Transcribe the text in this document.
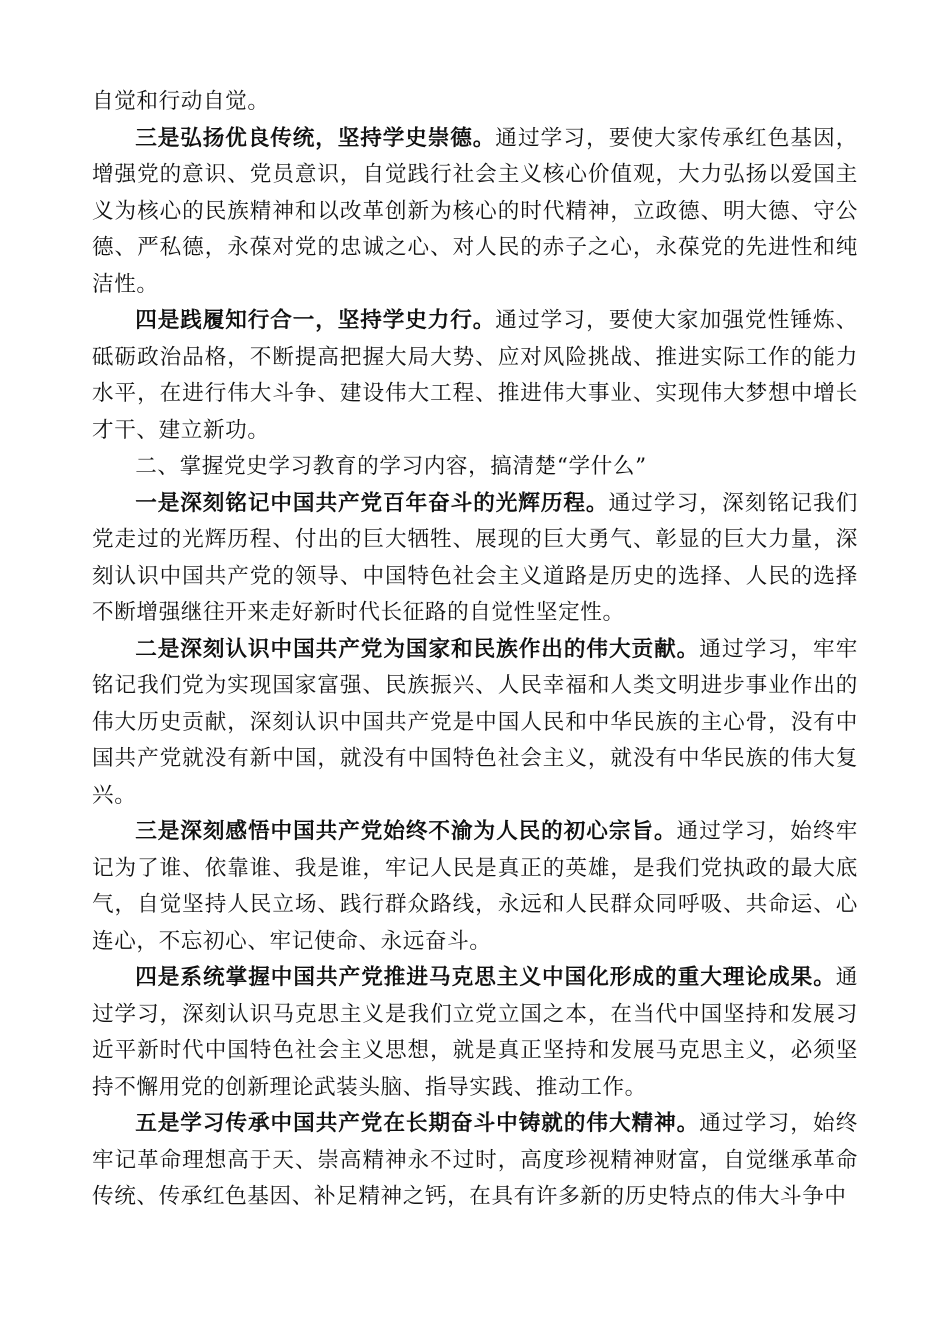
自觉和行动自觉。

三是弘扬优良传统，坚持学史崇德。通过学习，要使大家传承红色基因，增强党的意识、党员意识，自觉践行社会主义核心价值观，大力弘扬以爱国主义为核心的民族精神和以改革创新为核心的时代精神，立政德、明大德、守公德、严私德，永葆对党的忠诚之心、对人民的赤子之心，永葆党的先进性和纯洁性。

四是践履知行合一，坚持学史力行。通过学习，要使大家加强党性锤炼、砥砺政治品格，不断提高把握大局大势、应对风险挑战、推进实际工作的能力水平，在进行伟大斗争、建设伟大工程、推进伟大事业、实现伟大梦想中增长才干、建立新功。

二、掌握党史学习教育的学习内容，搞清楚“学什么”

一是深刻铭记中国共产党百年奋斗的光辉历程。通过学习，深刻铭记我们党走过的光辉历程、付出的巨大牺牲、展现的巨大勇气、彰显的巨大力量，深刻认识中国共产党的领导、中国特色社会主义道路是历史的选择、人民的选择不断增强继往开来走好新时代长征路的自觉性坚定性。

二是深刻认识中国共产党为国家和民族作出的伟大贡献。通过学习，牢牢铭记我们党为实现国家富强、民族振兴、人民幸福和人类文明进步事业作出的伟大历史贡献，深刻认识中国共产党是中国人民和中华民族的主心骨，没有中国共产党就没有新中国，就没有中国特色社会主义，就没有中华民族的伟大复兴。

三是深刻感悟中国共产党始终不渝为人民的初心宗旨。通过学习，始终牢记为了谁、依靠谁、我是谁，牢记人民是真正的英雄，是我们党执政的最大底气，自觉坚持人民立场、践行群众路线，永远和人民群众同呼吸、共命运、心连心，不忘初心、牢记使命、永远奋斗。

四是系统掌握中国共产党推进马克思主义中国化形成的重大理论成果。通过学习，深刻认识马克思主义是我们立党立国之本，在当代中国坚持和发展习近平新时代中国特色社会主义思想，就是真正坚持和发展马克思主义，必须坚持不懈用党的创新理论武装头脑、指导实践、推动工作。

五是学习传承中国共产党在长期奋斗中铸就的伟大精神。通过学习，始终牢记革命理想高于天、崇高精神永不过时，高度珍视精神财富，自觉继承革命传统、传承红色基因、补足精神之钙，在具有许多新的历史特点的伟大斗争中
